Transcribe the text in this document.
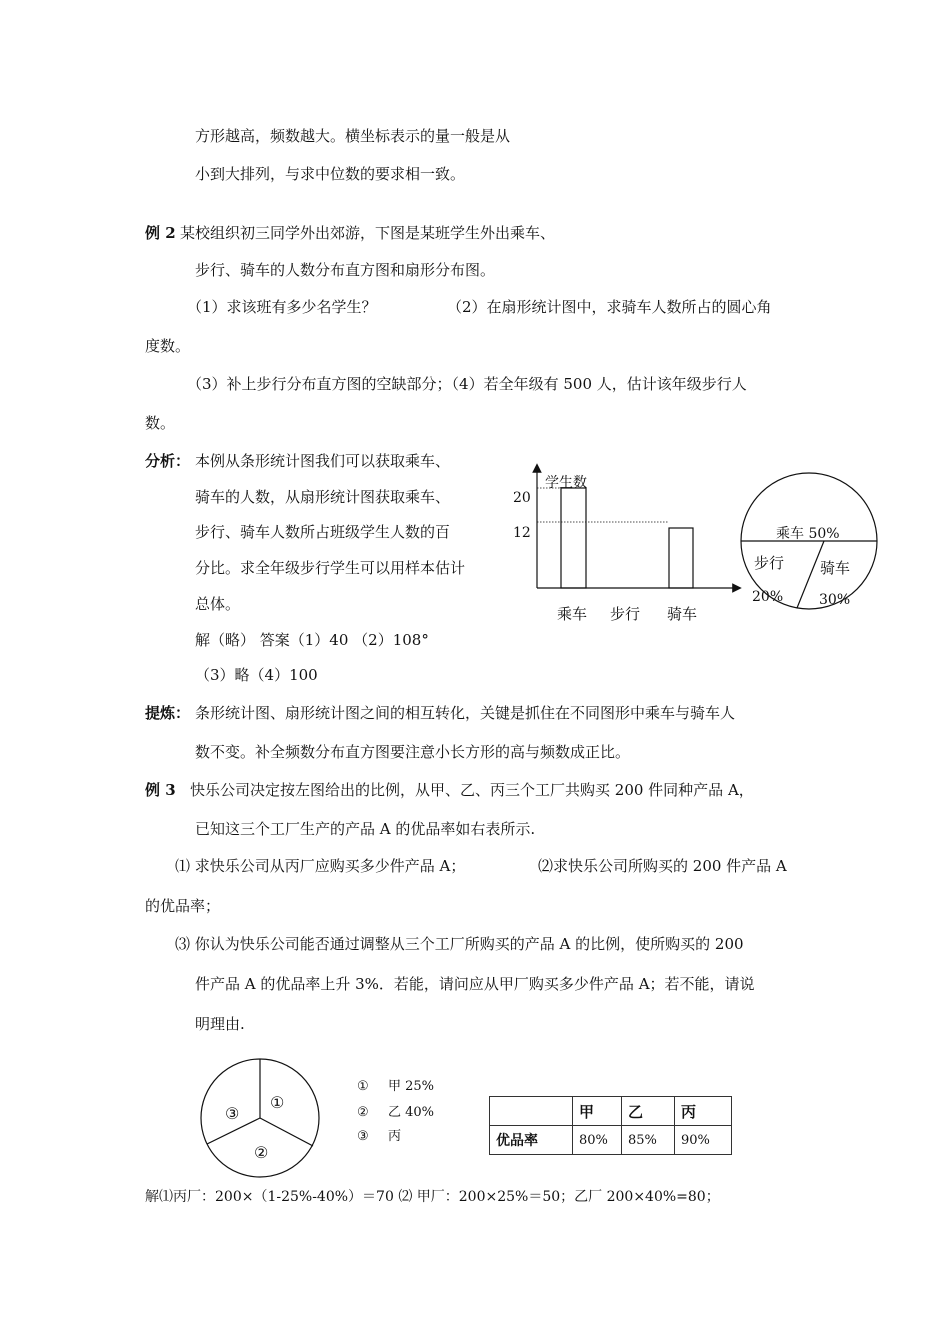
方形越高，频数越大。横坐标表示的量一般是从
小到大排列，与求中位数的要求相一致。
例 2 某校组织初三同学外出郊游，下图是某班学生外出乘车、
步行、骑车的人数分布直方图和扇形分布图。
（1）求该班有多少名学生？	（2）在扇形统计图中，求骑车人数所占的圆心角
度数。
（3）补上步行分布直方图的空缺部分；（4）若全年级有 500 人，估计该年级步行人
数。
分析： 本例从条形统计图我们可以获取乘车、
骑车的人数，从扇形统计图获取乘车、
步行、骑车人数所占班级学生人数的百
分比。求全年级步行学生可以用样本估计
总体。
解（略） 答案（1）40 （2）108°
（3）略（4）100
学生数
20
12
乘车 步行 骑车
乘车 50%
步行
20%
骑车
30%
提炼： 条形统计图、扇形统计图之间的相互转化，关键是抓住在不同图形中乘车与骑车人
数不变。补全频数分布直方图要注意小长方形的高与频数成正比。
例 3 快乐公司决定按左图给出的比例，从甲、乙、丙三个工厂共购买 200 件同种产品 A，
已知这三个工厂生产的产品 A 的优品率如右表所示.
⑴ 求快乐公司从丙厂应购买多少件产品 A；	⑵求快乐公司所购买的 200 件产品 A
的优品率；
⑶ 你认为快乐公司能否通过调整从三个工厂所购买的产品 A 的比例，使所购买的 200
件产品 A 的优品率上升 3%．若能，请问应从甲厂购买多少件产品 A；若不能，请说
明理由.
①
②
③
① 甲 25%
② 乙 40%
③ 丙
	甲	乙	丙
优品率	80%	85%	90%
解⑴丙厂：200×（1-25%-40%）＝70 ⑵ 甲厂：200×25%＝50；乙厂 200×40%=80；
